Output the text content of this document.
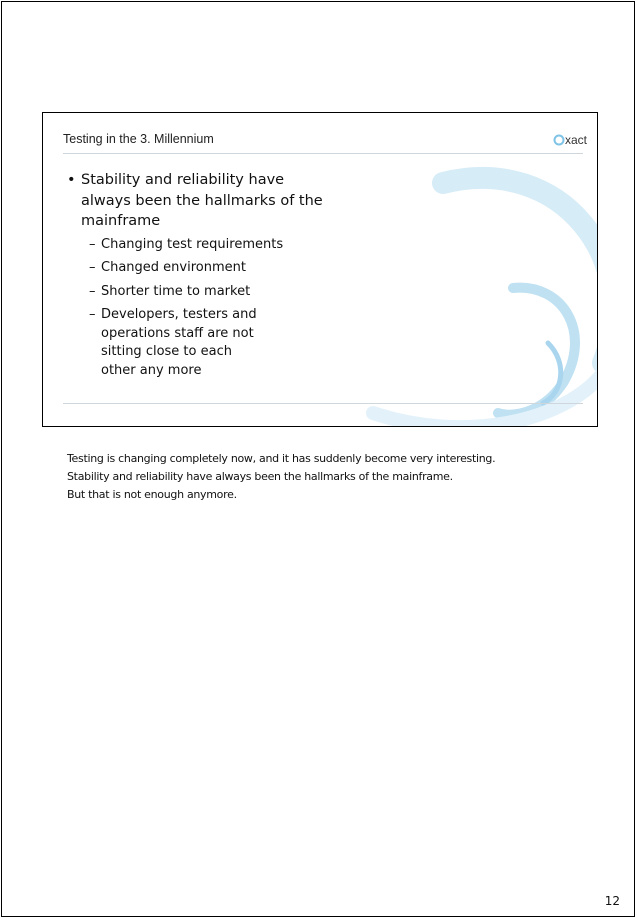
Testing in the 3. Millennium	xact
• Stability and reliability have always been the hallmarks of the mainframe
– Changing test requirements
– Changed environment
– Shorter time to market
– Developers, testers and operations staff are not sitting close to each other any more
Testing is changing completely now, and it has suddenly become very interesting.
Stability and reliability have always been the hallmarks of the mainframe.
But that is not enough anymore.
12
